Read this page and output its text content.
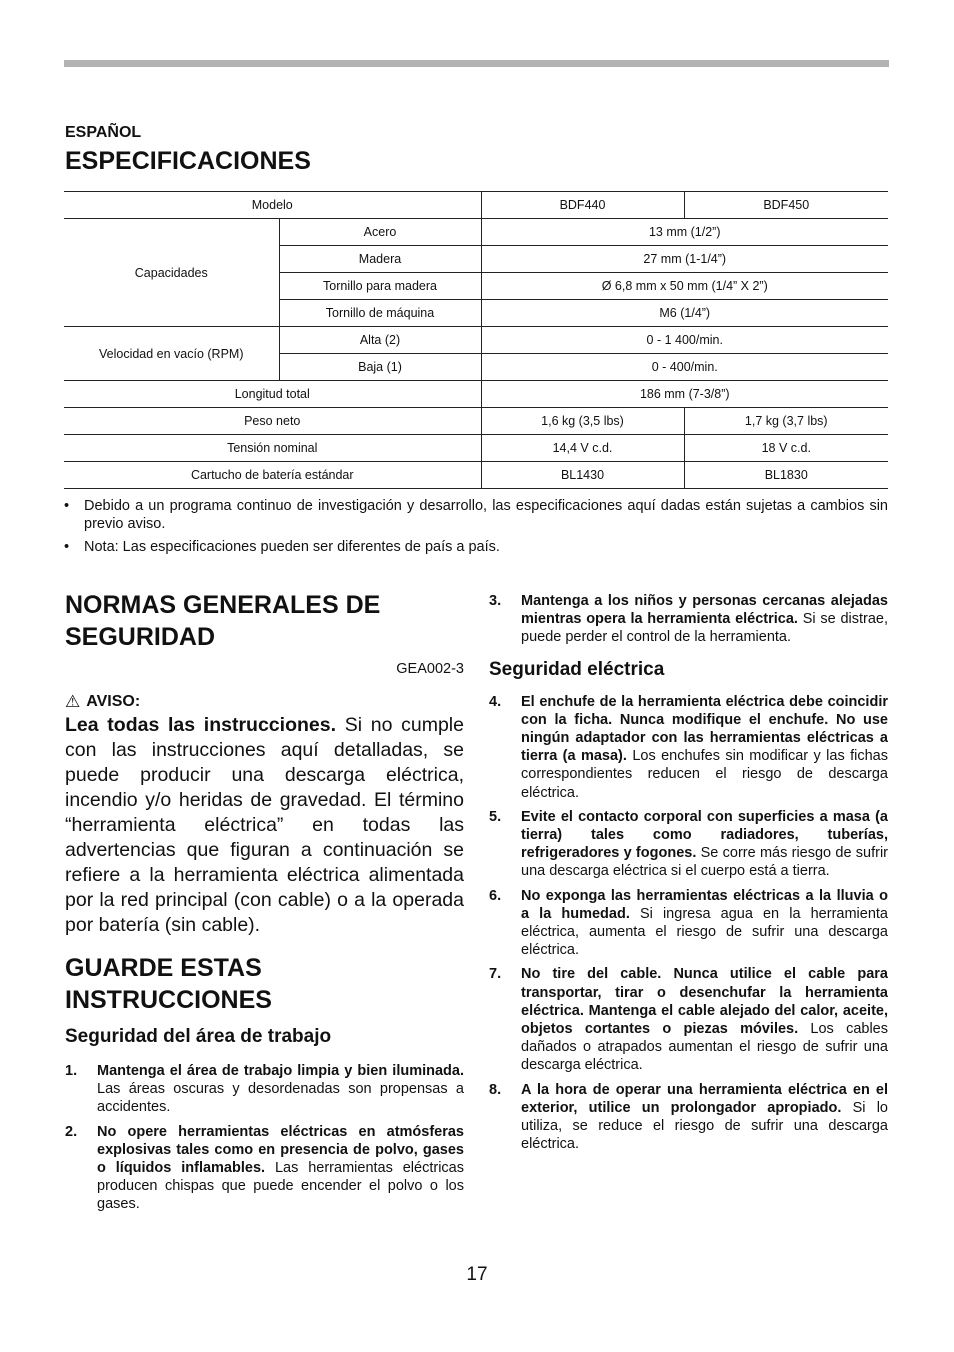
ESPAÑOL
ESPECIFICACIONES
Modelo		BDF440	BDF450
Capacidades	Acero	13 mm (1/2”)	
	Madera	27 mm (1-1/4”)	
	Tornillo para madera	Ø 6,8 mm x 50 mm (1/4” X 2”)	
	Tornillo de máquina	M6 (1/4”)	
Velocidad en vacío (RPM)	Alta (2)	0 - 1 400/min.	
	Baja (1)	0 - 400/min.	
Longitud total		186 mm (7-3/8”)	
Peso neto		1,6 kg (3,5 lbs)	1,7 kg (3,7 lbs)
Tensión nominal		14,4 V c.d.	18 V c.d.
Cartucho de batería estándar		BL1430	BL1830
• Debido a un programa continuo de investigación y desarrollo, las especificaciones aquí dadas están sujetas a cambios sin previo aviso.
• Nota: Las especificaciones pueden ser diferentes de país a país.
NORMAS GENERALES DE SEGURIDAD
GEA002-3
⚠ AVISO:
Lea todas las instrucciones. Si no cumple con las instrucciones aquí detalladas, se puede producir una descarga eléctrica, incendio y/o heridas de gravedad. El término “herramienta eléctrica” en todas las advertencias que figuran a continuación se refiere a la herramienta eléctrica alimentada por la red principal (con cable) o a la operada por batería (sin cable).
GUARDE ESTAS INSTRUCCIONES
Seguridad del área de trabajo
1. Mantenga el área de trabajo limpia y bien iluminada. Las áreas oscuras y desordenadas son propensas a accidentes.
2. No opere herramientas eléctricas en atmósferas explosivas tales como en presencia de polvo, gases o líquidos inflamables. Las herramientas eléctricas producen chispas que puede encender el polvo o los gases.
3. Mantenga a los niños y personas cercanas alejadas mientras opera la herramienta eléctrica. Si se distrae, puede perder el control de la herramienta.
Seguridad eléctrica
4. El enchufe de la herramienta eléctrica debe coincidir con la ficha. Nunca modifique el enchufe. No use ningún adaptador con las herramientas eléctricas a tierra (a masa). Los enchufes sin modificar y las fichas correspondientes reducen el riesgo de descarga eléctrica.
5. Evite el contacto corporal con superficies a masa (a tierra) tales como radiadores, tuberías, refrigeradores y fogones. Se corre más riesgo de sufrir una descarga eléctrica si el cuerpo está a tierra.
6. No exponga las herramientas eléctricas a la lluvia o a la humedad. Si ingresa agua en la herramienta eléctrica, aumenta el riesgo de sufrir una descarga eléctrica.
7. No tire del cable. Nunca utilice el cable para transportar, tirar o desenchufar la herramienta eléctrica. Mantenga el cable alejado del calor, aceite, objetos cortantes o piezas móviles. Los cables dañados o atrapados aumentan el riesgo de sufrir una descarga eléctrica.
8. A la hora de operar una herramienta eléctrica en el exterior, utilice un prolongador apropiado. Si lo utiliza, se reduce el riesgo de sufrir una descarga eléctrica.
17
